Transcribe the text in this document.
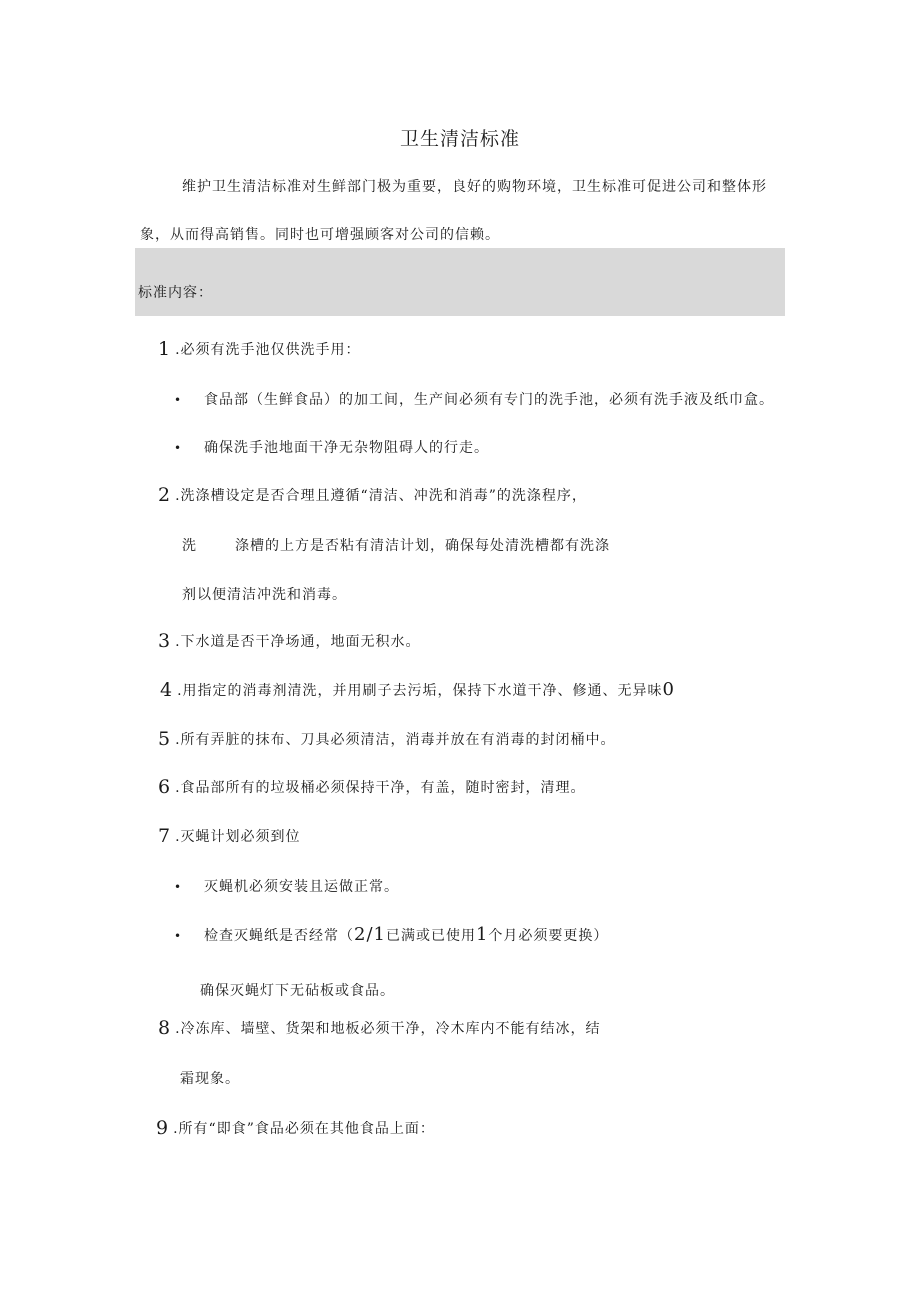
卫生清洁标准
维护卫生清洁标准对生鲜部门极为重要，良好的购物环境，卫生标准可促进公司和整体形
象，从而得高销售。同时也可增强顾客对公司的信赖。
标准内容：
1 .必须有洗手池仅供洗手用：
• 食品部（生鲜食品）的加工间，生产间必须有专门的洗手池，必须有洗手液及纸巾盒。
• 确保洗手池地面干净无杂物阻碍人的行走。
2 .洗涤槽设定是否合理且遵循“清洁、冲洗和消毒”的洗涤程序，
洗	涤槽的上方是否粘有清洁计划，确保每处清洗槽都有洗涤
剂以便清洁冲洗和消毒。
3 .下水道是否干净场通，地面无积水。
4 .用指定的消毒剂清洗，并用刷子去污垢，保持下水道干净、修通、无异味0
5 .所有弄脏的抹布、刀具必须清洁，消毒并放在有消毒的封闭桶中。
6 .食品部所有的垃圾桶必须保持干净，有盖，随时密封，清理。
7 .灭蝇计划必须到位
• 灭蝇机必须安装且运做正常。
• 检查灭蝇纸是否经常（2/1已满或已使用1个月必须要更换）
确保灭蝇灯下无砧板或食品。
8 .冷冻库、墙壁、货架和地板必须干净，冷木库内不能有结冰，结
霜现象。
9 .所有“即食”食品必须在其他食品上面：
